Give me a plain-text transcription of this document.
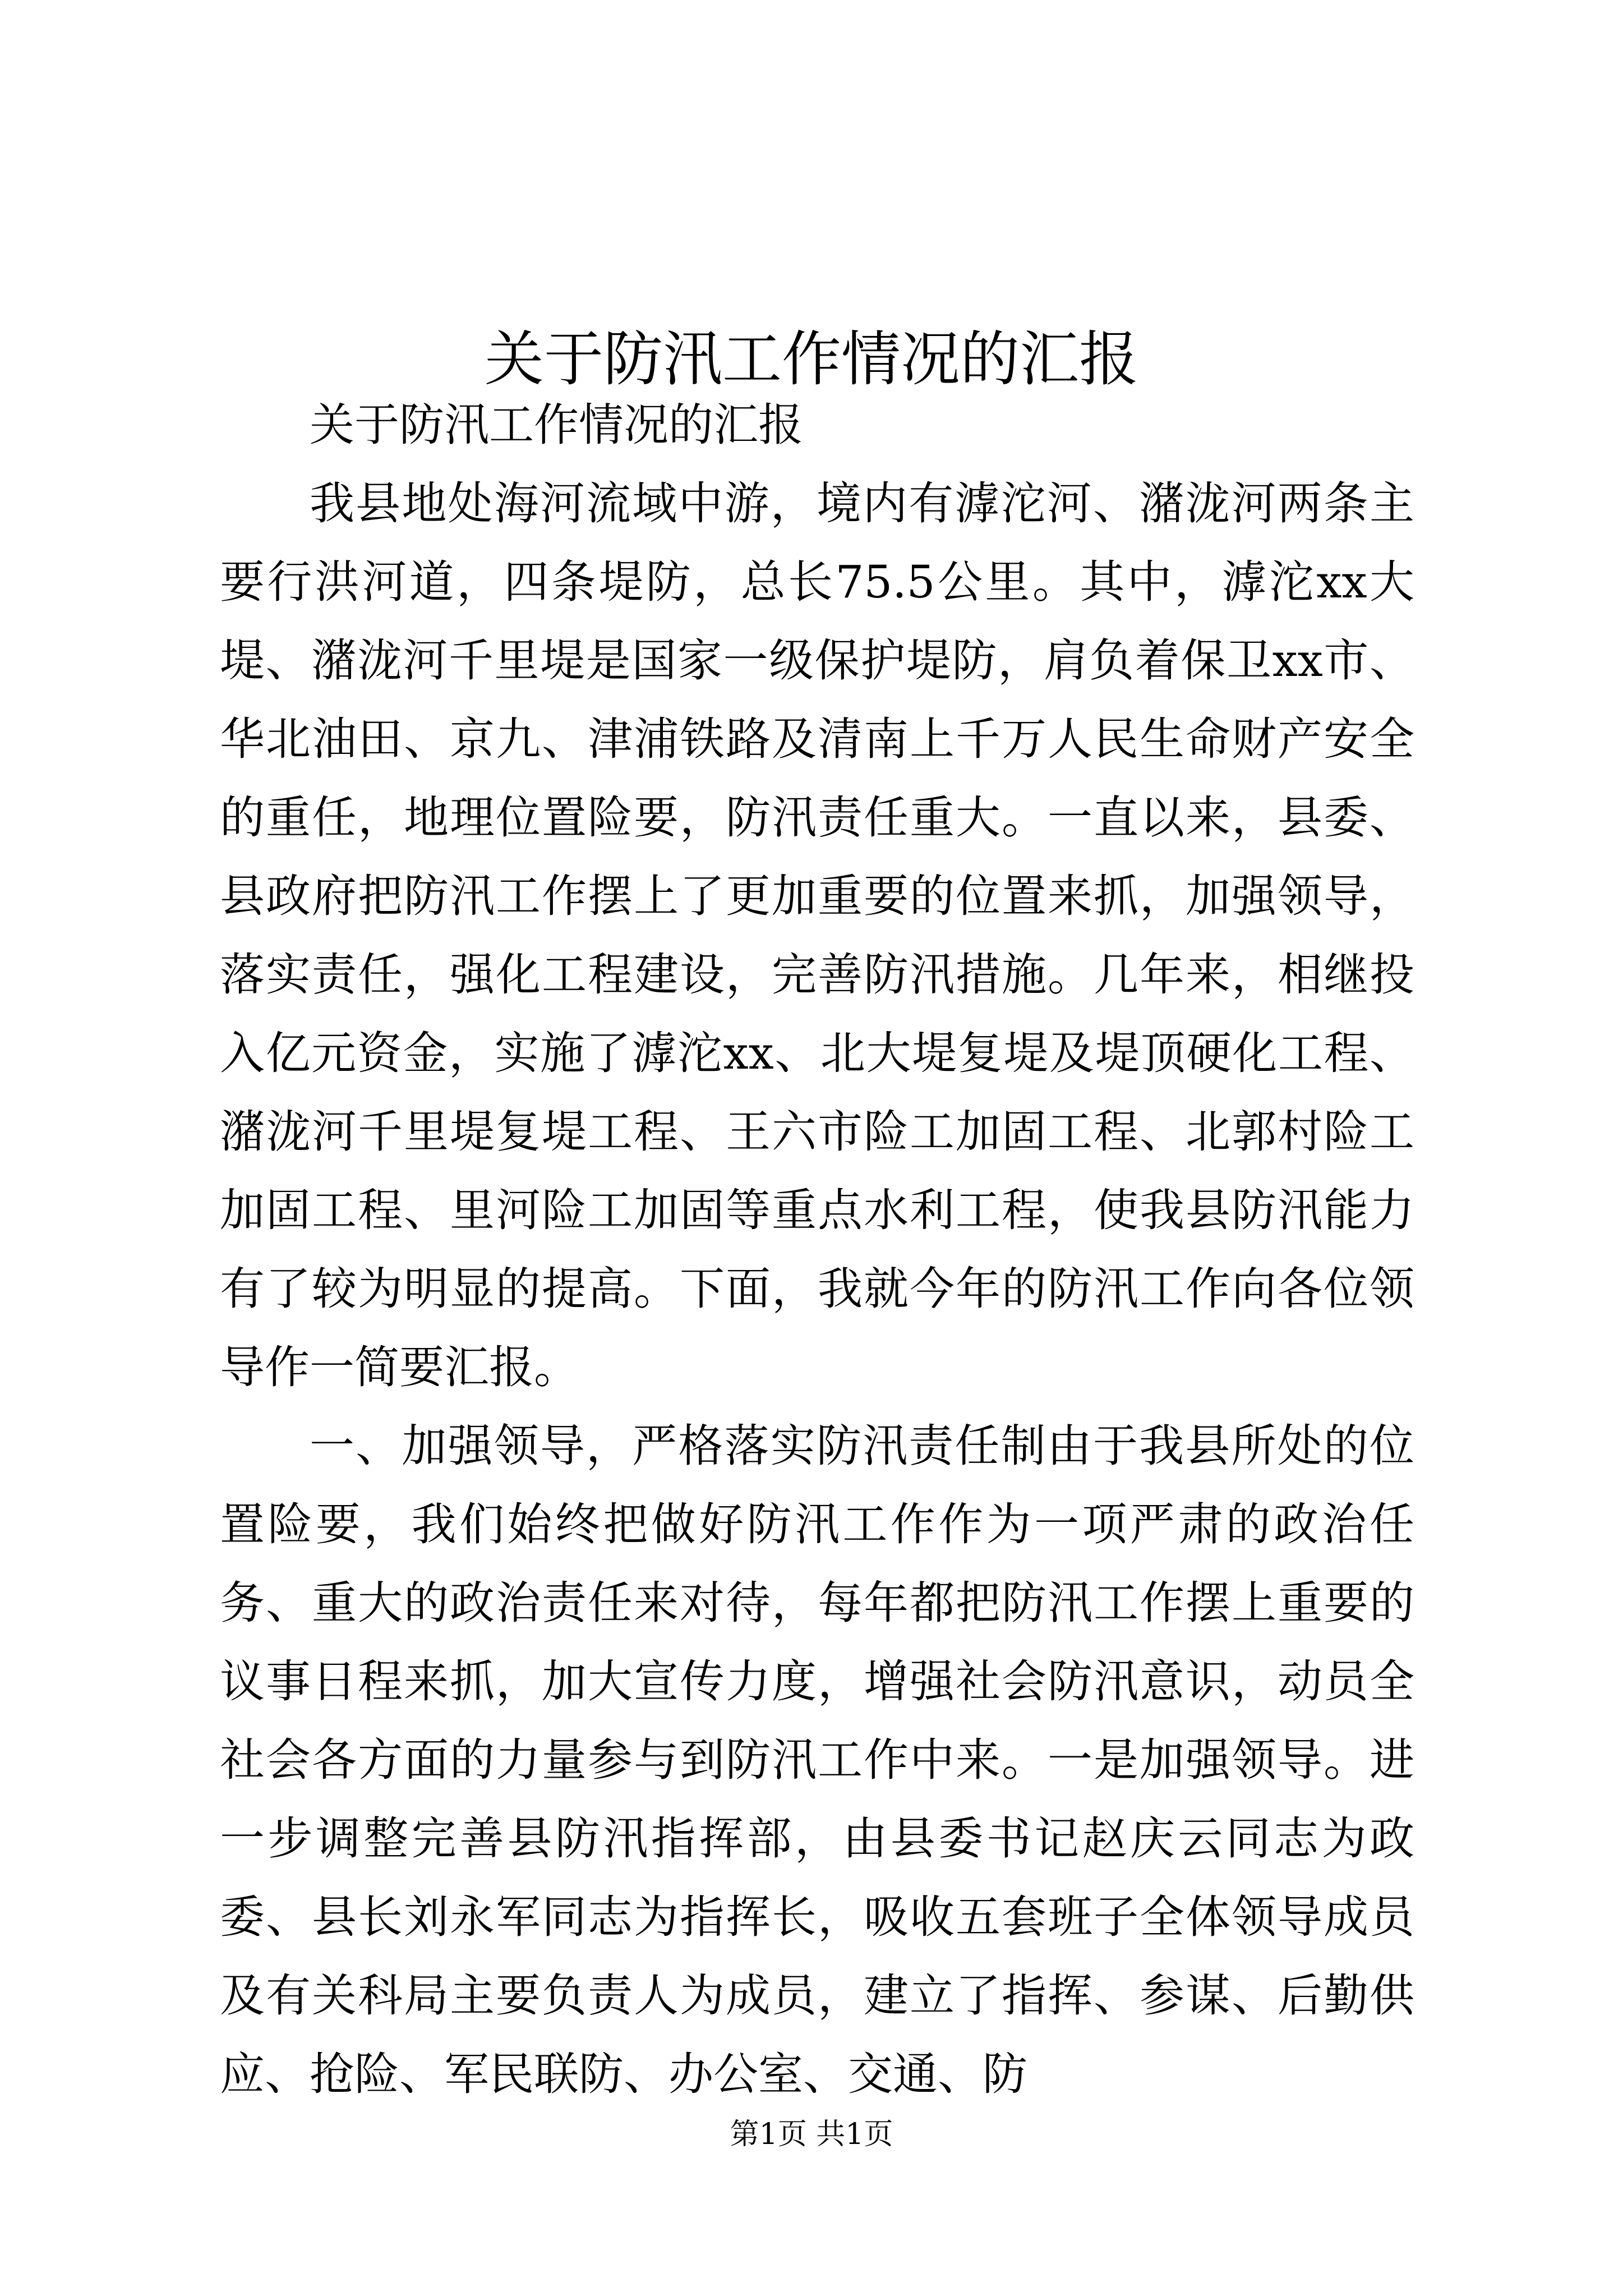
关于防汛工作情况的汇报

关于防汛工作情况的汇报

我县地处海河流域中游，境内有滹沱河、潴泷河两条主要行洪河道，四条堤防，总长75.5公里。其中，滹沱xx大堤、潴泷河千里堤是国家一级保护堤防，肩负着保卫xx市、华北油田、京九、津浦铁路及清南上千万人民生命财产安全的重任，地理位置险要，防汛责任重大。一直以来，县委、县政府把防汛工作摆上了更加重要的位置来抓，加强领导，落实责任，强化工程建设，完善防汛措施。几年来，相继投入亿元资金，实施了滹沱xx、北大堤复堤及堤顶硬化工程、潴泷河千里堤复堤工程、王六市险工加固工程、北郭村险工加固工程、里河险工加固等重点水利工程，使我县防汛能力有了较为明显的提高。下面，我就今年的防汛工作向各位领导作一简要汇报。

一、加强领导，严格落实防汛责任制由于我县所处的位置险要，我们始终把做好防汛工作作为一项严肃的政治任务、重大的政治责任来对待，每年都把防汛工作摆上重要的议事日程来抓，加大宣传力度，增强社会防汛意识，动员全社会各方面的力量参与到防汛工作中来。一是加强领导。进一步调整完善县防汛指挥部，由县委书记赵庆云同志为政委、县长刘永军同志为指挥长，吸收五套班子全体领导成员及有关科局主要负责人为成员，建立了指挥、参谋、后勤供应、抢险、军民联防、办公室、交通、防

第1页 共1页
